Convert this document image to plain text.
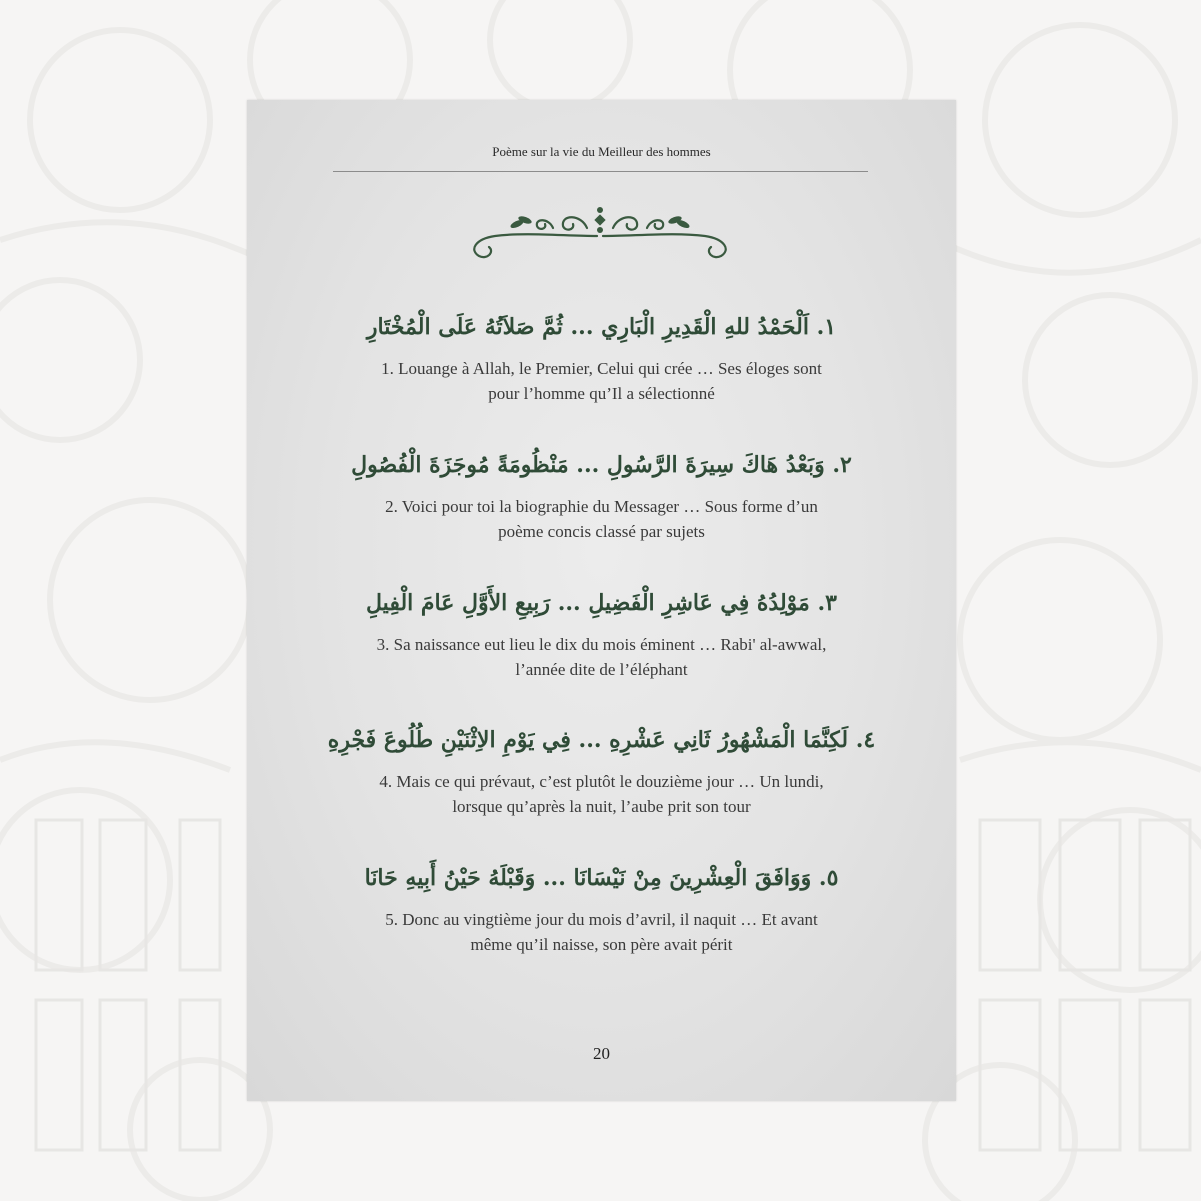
Poème sur la vie du Meilleur des hommes

١. اَلْحَمْدُ للهِ الْقَدِيرِ الْبَارِي ... ثُمَّ صَلاَتُهُ عَلَى الْمُخْتَارِ

1. Louange à Allah, le Premier, Celui qui crée … Ses éloges sont
pour l’homme qu’Il a sélectionné

٢. وَبَعْدُ هَاكَ سِيرَةَ الرَّسُولِ ... مَنْظُومَةً مُوجَزَةَ الْفُصُولِ

2. Voici pour toi la biographie du Messager … Sous forme d’un
poème concis classé par sujets

٣. مَوْلِدُهُ فِي عَاشِرِ الْفَضِيلِ ... رَبِيعِ الأَوَّلِ عَامَ الْفِيلِ

3. Sa naissance eut lieu le dix du mois éminent … Rabi' al-awwal,
l’année dite de l’éléphant

٤. لَكِنَّمَا الْمَشْهُورُ ثَانِي عَشْرِهِ ... فِي يَوْمِ الاِثْنَيْنِ طُلُوعَ فَجْرِهِ

4. Mais ce qui prévaut, c’est plutôt le douzième jour … Un lundi,
lorsque qu’après la nuit, l’aube prit son tour

٥. وَوَافَقَ الْعِشْرِينَ مِنْ نَيْسَانَا ... وَقَبْلَهُ حَيْنُ أَبِيهِ حَانَا

5. Donc au vingtième jour du mois d’avril, il naquit … Et avant
même qu’il naisse, son père avait périt

20
